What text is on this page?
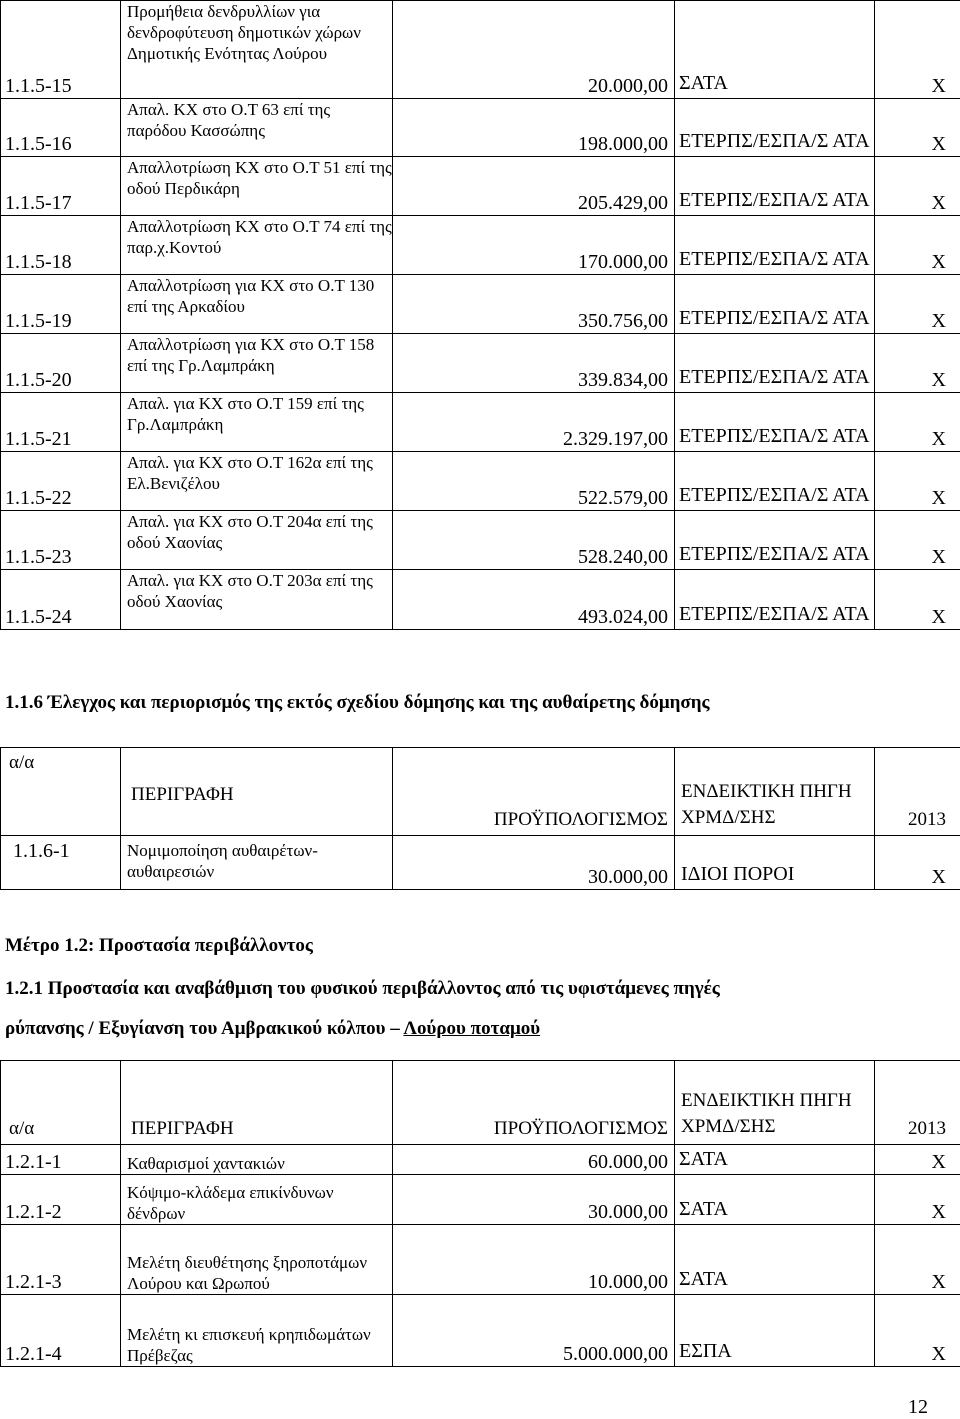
1.1.5-15	Προμήθεια δενδρυλλίων για δενδροφύτευση δημοτικών χώρων Δημοτικής Ενότητας Λούρου	20.000,00	ΣΑΤΑ	Χ
1.1.5-16	Απαλ. ΚΧ στο Ο.Τ 63 επί της παρόδου Κασσώπης	198.000,00	ΕΤΕΡΠΣ/ΕΣΠΑ/Σ ΑΤΑ	Χ
1.1.5-17	Απαλλοτρίωση ΚΧ στο Ο.Τ 51 επί της οδού Περδικάρη	205.429,00	ΕΤΕΡΠΣ/ΕΣΠΑ/Σ ΑΤΑ	Χ
1.1.5-18	Απαλλοτρίωση ΚΧ στο Ο.Τ 74 επί της παρ.χ.Κοντού	170.000,00	ΕΤΕΡΠΣ/ΕΣΠΑ/Σ ΑΤΑ	Χ
1.1.5-19	Απαλλοτρίωση για ΚΧ στο Ο.Τ 130 επί της Αρκαδίου	350.756,00	ΕΤΕΡΠΣ/ΕΣΠΑ/Σ ΑΤΑ	Χ
1.1.5-20	Απαλλοτρίωση για ΚΧ στο Ο.Τ 158 επί της Γρ.Λαμπράκη	339.834,00	ΕΤΕΡΠΣ/ΕΣΠΑ/Σ ΑΤΑ	Χ
1.1.5-21	Απαλ. για ΚΧ στο Ο.Τ 159 επί της Γρ.Λαμπράκη	2.329.197,00	ΕΤΕΡΠΣ/ΕΣΠΑ/Σ ΑΤΑ	Χ
1.1.5-22	Απαλ. για ΚΧ στο Ο.Τ 162α επί της Ελ.Βενιζέλου	522.579,00	ΕΤΕΡΠΣ/ΕΣΠΑ/Σ ΑΤΑ	Χ
1.1.5-23	Απαλ. για ΚΧ στο Ο.Τ 204α επί της οδού Χαονίας	528.240,00	ΕΤΕΡΠΣ/ΕΣΠΑ/Σ ΑΤΑ	Χ
1.1.5-24	Απαλ. για ΚΧ στο Ο.Τ 203α επί της οδού Χαονίας	493.024,00	ΕΤΕΡΠΣ/ΕΣΠΑ/Σ ΑΤΑ	Χ
1.1.6 Έλεγχος και περιορισμός της εκτός σχεδίου δόμησης και της αυθαίρετης δόμησης
α/α	ΠΕΡΙΓΡΑΦΗ	ΠΡΟΫΠΟΛΟΓΙΣΜΟΣ	ΕΝΔΕΙΚΤΙΚΗ ΠΗΓΗ ΧΡΜΔ/ΣΗΣ	2013
1.1.6-1	Νομιμοποίηση αυθαιρέτων-αυθαιρεσιών	30.000,00	ΙΔΙΟΙ ΠΟΡΟΙ	Χ
Μέτρο 1.2: Προστασία περιβάλλοντος
1.2.1 Προστασία και αναβάθμιση του φυσικού περιβάλλοντος από τις υφιστάμενες πηγές
ρύπανσης / Εξυγίανση του Αμβρακικού κόλπου – Λούρου ποταμού
α/α	ΠΕΡΙΓΡΑΦΗ	ΠΡΟΫΠΟΛΟΓΙΣΜΟΣ	ΕΝΔΕΙΚΤΙΚΗ ΠΗΓΗ ΧΡΜΔ/ΣΗΣ	2013
1.2.1-1	Καθαρισμοί χαντακιών	60.000,00	ΣΑΤΑ	Χ
1.2.1-2	Κόψιμο-κλάδεμα επικίνδυνων δένδρων	30.000,00	ΣΑΤΑ	Χ
1.2.1-3	Μελέτη διευθέτησης ξηροποτάμων Λούρου και Ωρωπού	10.000,00	ΣΑΤΑ	Χ
1.2.1-4	Μελέτη κι επισκευή κρηπιδωμάτων Πρέβεζας	5.000.000,00	ΕΣΠΑ	Χ
12
